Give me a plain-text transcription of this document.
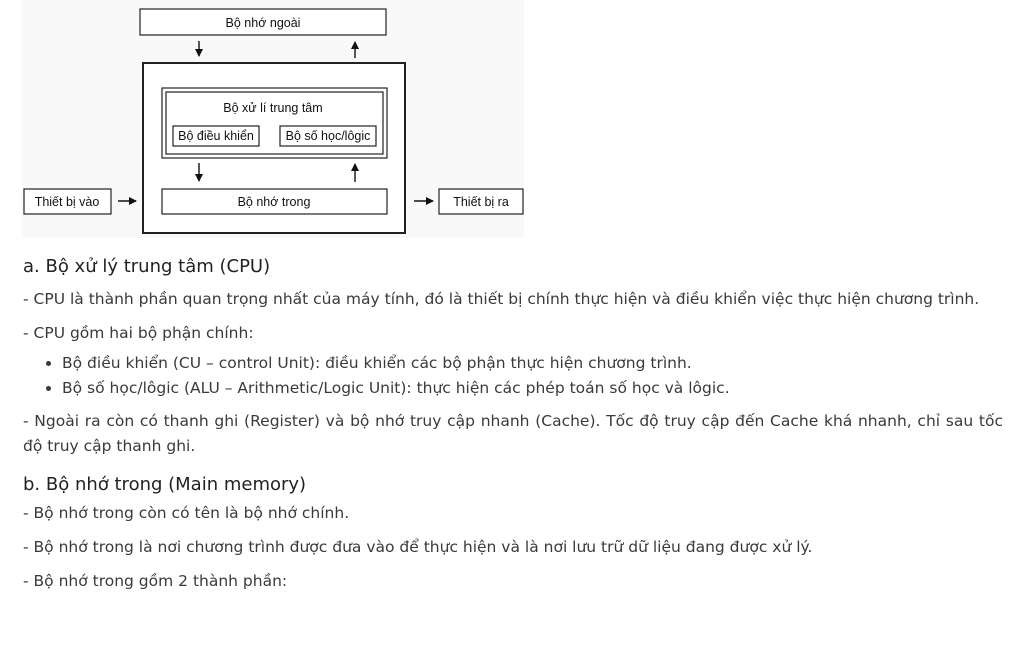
Bộ nhớ ngoài
Bộ xử lí trung tâm
Bộ điều khiển	Bộ số học/lôgic
Bộ nhớ trong
Thiết bị vào	Thiết bị ra
a. Bộ xử lý trung tâm (CPU)

- CPU là thành phần quan trọng nhất của máy tính, đó là thiết bị chính thực hiện và điều khiển việc thực hiện chương trình.

- CPU gồm hai bộ phận chính:

• Bộ điều khiển (CU – control Unit): điều khiển các bộ phận thực hiện chương trình.
• Bộ số học/lôgic (ALU – Arithmetic/Logic Unit): thực hiện các phép toán số học và lôgic.

- Ngoài ra còn có thanh ghi (Register) và bộ nhớ truy cập nhanh (Cache). Tốc độ truy cập đến Cache khá nhanh, chỉ sau tốc độ truy cập thanh ghi.

b. Bộ nhớ trong (Main memory)

- Bộ nhớ trong còn có tên là bộ nhớ chính.

- Bộ nhớ trong là nơi chương trình được đưa vào để thực hiện và là nơi lưu trữ dữ liệu đang được xử lý.

- Bộ nhớ trong gồm 2 thành phần:
